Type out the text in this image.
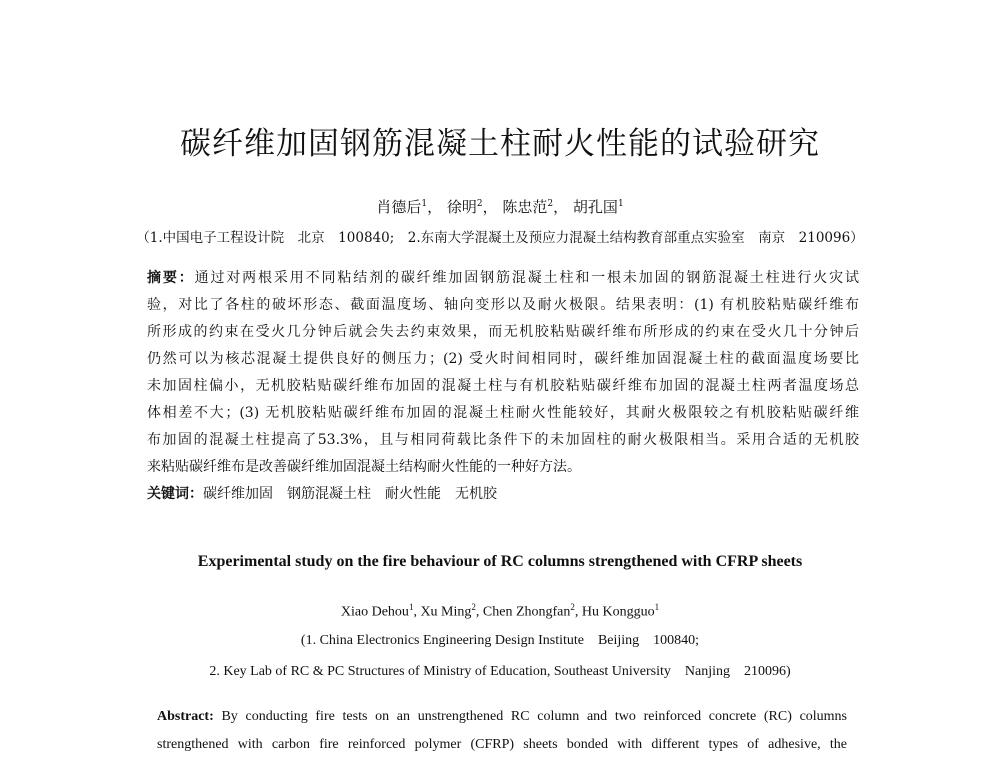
碳纤维加固钢筋混凝土柱耐火性能的试验研究
肖德后$^1$， 徐明$^2$， 陈忠范$^2$， 胡孔国$^1$
（1.中国电子工程设计院　北京　100840;　2.东南大学混凝土及预应力混凝土结构教育部重点实验室　南京　210096）
摘要：通过对两根采用不同粘结剂的碳纤维加固钢筋混凝土柱和一根未加固的钢筋混凝土柱进行火灾试
验，对比了各柱的破坏形态、截面温度场、轴向变形以及耐火极限。结果表明：(1) 有机胶粘贴碳纤维布
所形成的约束在受火几分钟后就会失去约束效果，而无机胶粘贴碳纤维布所形成的约束在受火几十分钟后
仍然可以为核芯混凝土提供良好的侧压力；(2) 受火时间相同时，碳纤维加固混凝土柱的截面温度场要比
未加固柱偏小，无机胶粘贴碳纤维布加固的混凝土柱与有机胶粘贴碳纤维布加固的混凝土柱两者温度场总
体相差不大；(3) 无机胶粘贴碳纤维布加固的混凝土柱耐火性能较好，其耐火极限较之有机胶粘贴碳纤维
布加固的混凝土柱提高了53.3%，且与相同荷载比条件下的未加固柱的耐火极限相当。采用合适的无机胶
来粘贴碳纤维布是改善碳纤维加固混凝土结构耐火性能的一种好方法。
关键词：碳纤维加固　 钢筋混凝土柱　 耐火性能　 无机胶
Experimental study on the fire behaviour of RC columns strengthened with CFRP sheets
Xiao Dehou$^1$, Xu Ming$^2$, Chen Zhongfan$^2$, Hu Kongguo$^1$
(1. China Electronics Engineering Design Institute　Beijing　100840;
2. Key Lab of RC & PC Structures of Ministry of Education, Southeast University　Nanjing　210096)
Abstract: By conducting fire tests on an unstrengthened RC column and two reinforced concrete (RC) columns
strengthened with carbon fire reinforced polymer (CFRP) sheets bonded with different types of adhesive, the
